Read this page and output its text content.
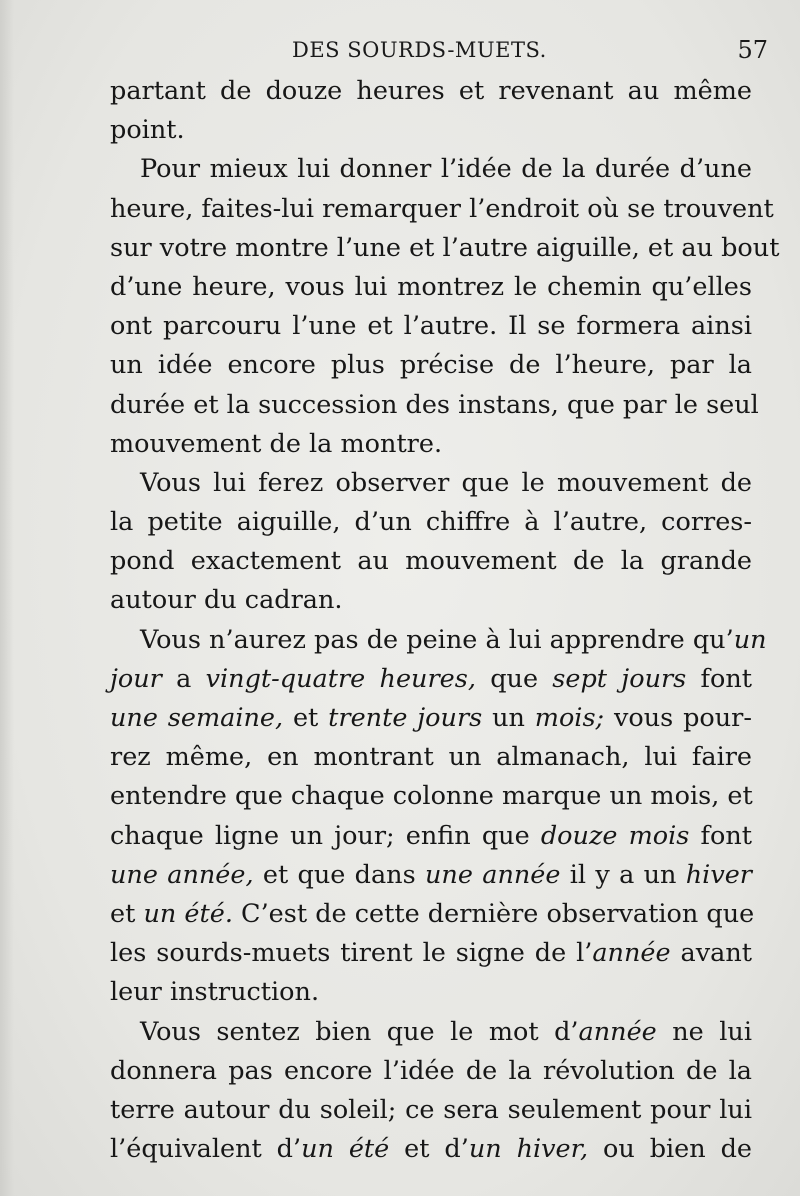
DES SOURDS-MUETS.	57
partant de douze heures et revenant au même
point.
Pour mieux lui donner l’idée de la durée d’une
heure, faites-lui remarquer l’endroit où se trouvent
sur votre montre l’une et l’autre aiguille, et au bout
d’une heure, vous lui montrez le chemin qu’elles
ont parcouru l’une et l’autre. Il se formera ainsi
un idée encore plus précise de l’heure, par la
durée et la succession des instans, que par le seul
mouvement de la montre.
Vous lui ferez observer que le mouvement de
la petite aiguille, d’un chiffre à l’autre, corres-
pond exactement au mouvement de la grande
autour du cadran.
Vous n’aurez pas de peine à lui apprendre qu’un
jour a vingt-quatre heures, que sept jours font
une semaine, et trente jours un mois; vous pour-
rez même, en montrant un almanach, lui faire
entendre que chaque colonne marque un mois, et
chaque ligne un jour; enfin que douze mois font
une année, et que dans une année il y a un hiver
et un été. C’est de cette dernière observation que
les sourds-muets tirent le signe de l’année avant
leur instruction.
Vous sentez bien que le mot d’année ne lui
donnera pas encore l’idée de la révolution de la
terre autour du soleil; ce sera seulement pour lui
l’équivalent d’un été et d’un hiver, ou bien de
